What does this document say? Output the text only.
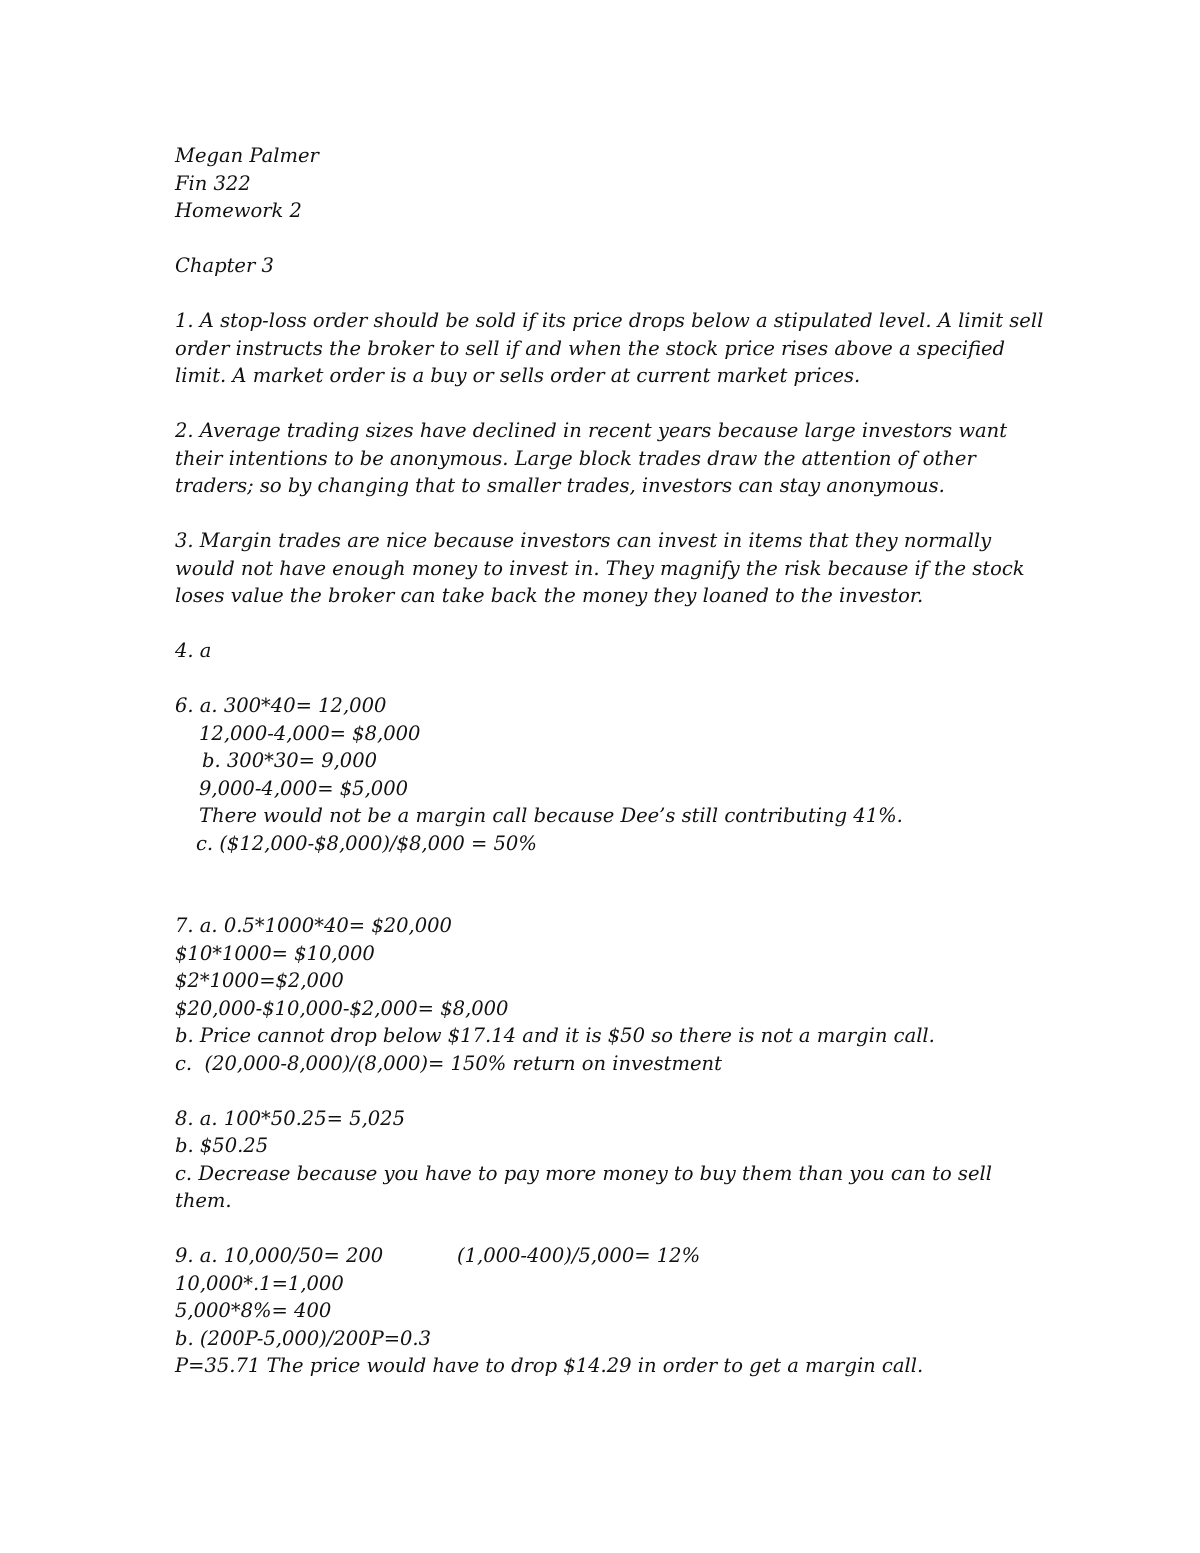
Megan Palmer
Fin 322
Homework 2
Chapter 3
1. A stop-loss order should be sold if its price drops below a stipulated level. A limit sell
order instructs the broker to sell if and when the stock price rises above a specified
limit. A market order is a buy or sells order at current market prices.
2. Average trading sizes have declined in recent years because large investors want
their intentions to be anonymous. Large block trades draw the attention of other
traders; so by changing that to smaller trades, investors can stay anonymous.
3. Margin trades are nice because investors can invest in items that they normally
would not have enough money to invest in. They magnify the risk because if the stock
loses value the broker can take back the money they loaned to the investor.
4. a
6. a. 300*40= 12,000
12,000-4,000= $8,000
b. 300*30= 9,000
9,000-4,000= $5,000
There would not be a margin call because Dee’s still contributing 41%.
c. ($12,000-$8,000)/$8,000 = 50%
7. a. 0.5*1000*40= $20,000
$10*1000= $10,000
$2*1000=$2,000
$20,000-$10,000-$2,000= $8,000
b. Price cannot drop below $17.14 and it is $50 so there is not a margin call.
c.  (20,000-8,000)/(8,000)= 150% return on investment
8. a. 100*50.25= 5,025
b. $50.25
c. Decrease because you have to pay more money to buy them than you can to sell
them.
9. a. 10,000/50= 200	(1,000-400)/5,000= 12%
10,000*.1=1,000
5,000*8%= 400
b. (200P-5,000)/200P=0.3
P=35.71 The price would have to drop $14.29 in order to get a margin call.
